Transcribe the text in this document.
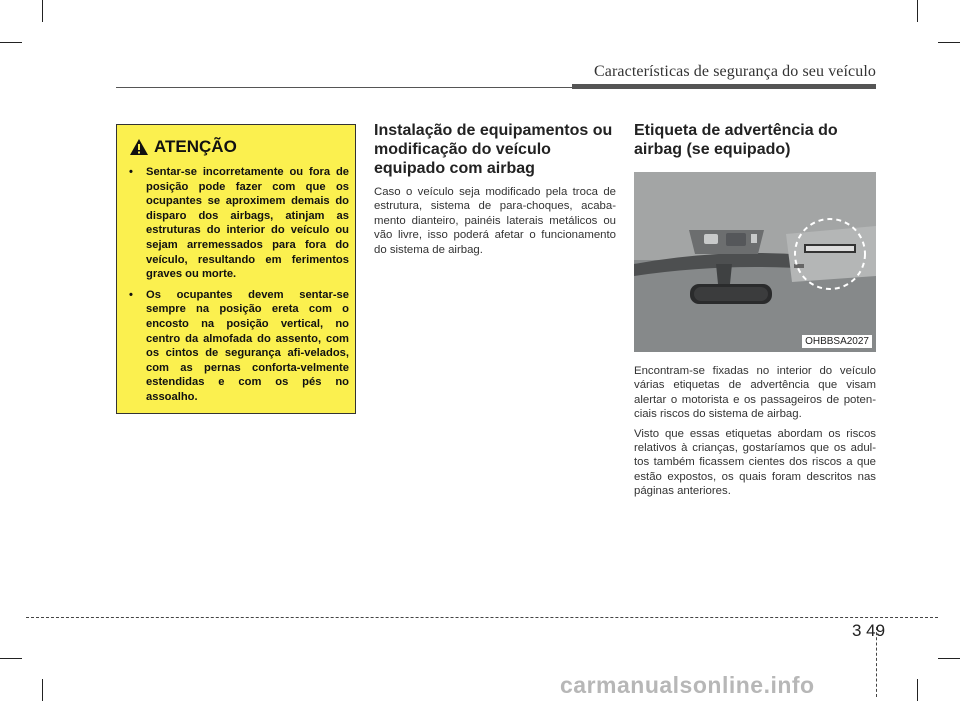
Características de segurança do seu veículo
ATENÇÃO
• Sentar-se incorretamente ou fora de posição pode fazer com que os ocupantes se aproximem demais do disparo dos airbags, atinjam as estruturas do interior do veículo ou sejam arremessados para fora do veículo, resultando em ferimentos graves ou morte.
• Os ocupantes devem sentar-se sempre na posição ereta com o encosto na posição vertical, no centro da almofada do assento, com os cintos de segurança afi-velados, com as pernas conforta-velmente estendidas e com os pés no assoalho.
Instalação de equipamentos ou modificação do veículo equipado com airbag

Caso o veículo seja modificado pela troca de estrutura, sistema de para-choques, acaba-mento dianteiro, painéis laterais metálicos ou vão livre, isso poderá afetar o funcionamento do sistema de airbag.

Etiqueta de advertência do airbag (se equipado)
OHBBSA2027

Encontram-se fixadas no interior do veículo várias etiquetas de advertência que visam alertar o motorista e os passageiros de poten-ciais riscos do sistema de airbag.

Visto que essas etiquetas abordam os riscos relativos à crianças, gostaríamos que os adul-tos também ficassem cientes dos riscos a que estão expostos, os quais foram descritos nas páginas anteriores.

3 49
carmanualsonline.info
